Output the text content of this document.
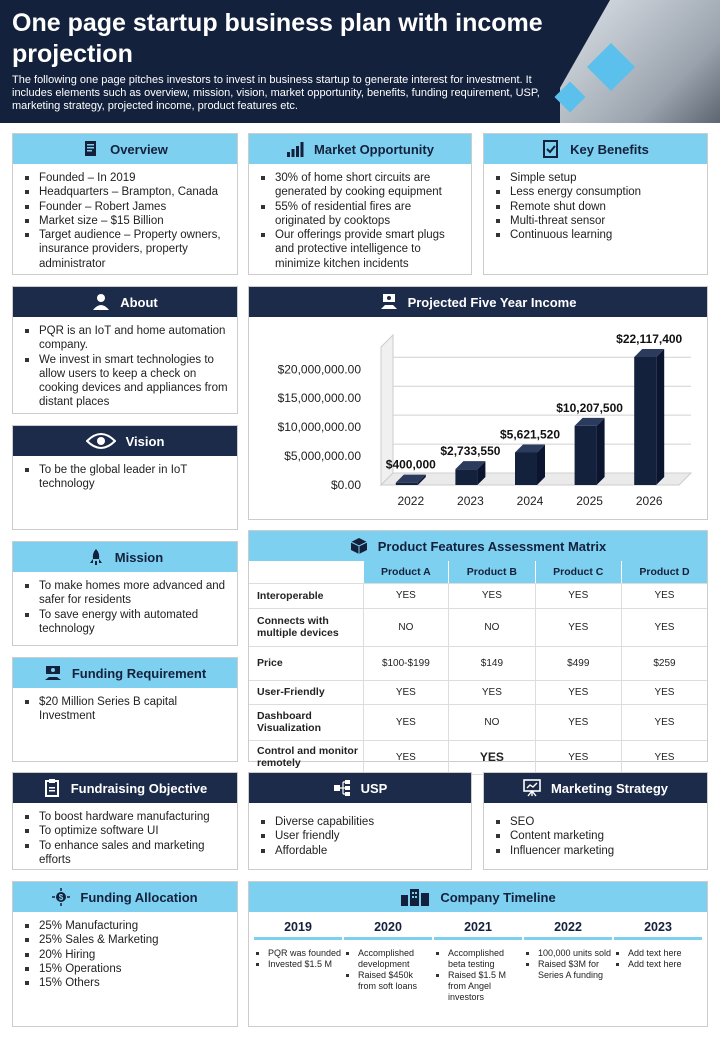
One page startup business plan with income projection

The following one page pitches investors to invest in business startup to generate interest for investment. It includes elements such as overview, mission, vision, market opportunity, benefits, funding requirement, USP, marketing strategy, projected income, product features etc.

Overview
Founded – In 2019
Headquarters – Brampton, Canada
Founder – Robert James
Market size – $15 Billion
Target audience – Property owners, insurance providers, property administrator
Market Opportunity
30% of home short circuits are generated by cooking equipment
55% of residential fires are originated by cooktops
Our offerings provide smart plugs and protective intelligence to minimize kitchen incidents
Key Benefits
Simple setup
Less energy consumption
Remote shut down
Multi-threat sensor
Continuous learning
About
PQR is an IoT and home automation company.
We invest in smart technologies to allow users to keep a check on cooking devices and appliances from distant places
Vision
To be the global leader in IoT technology
Mission
To make homes more advanced and safer for residents
To save energy with automated technology
Funding Requirement
$20 Million Series B capital Investment
Projected Five Year Income
$0.00
$5,000,000.00
$10,000,000.00
$15,000,000.00
$20,000,000.00
$400,000
2022
$2,733,550
2023
$5,621,520
2024
$10,207,500
2025
$22,117,400
2026
Product Features Assessment Matrix
	Product A	Product B	Product C	Product D
Interoperable	YES	YES	YES	YES
Connects with multiple devices	NO	NO	YES	YES
Price	$100-$199	$149	$499	$259
User-Friendly	YES	YES	YES	YES
Dashboard Visualization	YES	NO	YES	YES
Control and monitor remotely	YES	YES	YES	YES
Fundraising Objective
To boost hardware manufacturing
To optimize software UI
To enhance sales and marketing efforts
USP
Diverse capabilities
User friendly
Affordable
Marketing Strategy
SEO
Content marketing
Influencer marketing
$ Funding Allocation
25% Manufacturing
25% Sales & Marketing
20% Hiring
15% Operations
15% Others
Company Timeline
2019
PQR was founded
Invested $1.5 M
2020
Accomplished development
Raised $450k from soft loans
2021
Accomplished beta testing
Raised $1.5 M from Angel investors
2022
100,000 units sold
Raised $3M for Series A funding
2023
Add text here
Add text here
